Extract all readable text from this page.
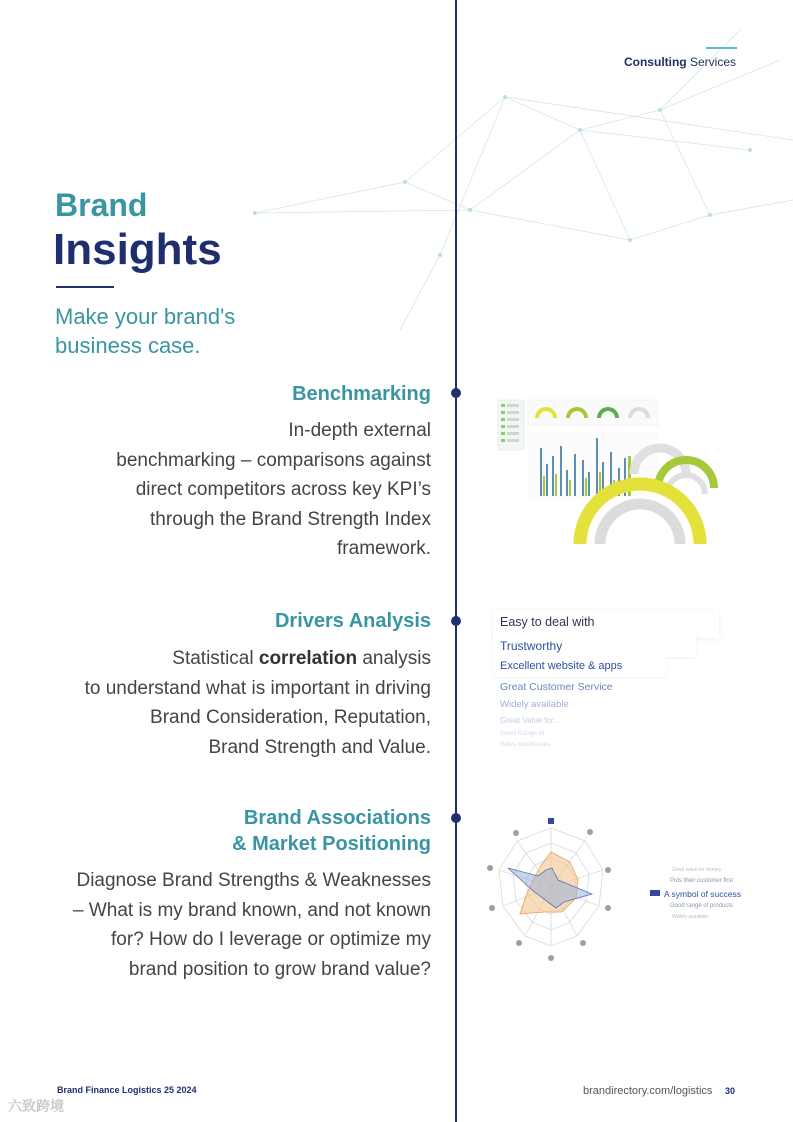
Consulting Services
Brand
Insights
Make your brand's
business case.
Benchmarking
In-depth external
benchmarking – comparisons against
direct competitors across key KPI’s
through the Brand Strength Index
framework.
Drivers Analysis
Statistical correlation analysis
to understand what is important in driving
Brand Consideration, Reputation,
Brand Strength and Value.
Brand Associations
& Market Positioning
Diagnose Brand Strengths & Weaknesses
– What is my brand known, and not known
for? How do I leverage or optimize my
brand position to grow brand value?
Easy to deal with
Trustworthy
Excellent website & apps
Great Customer Service
Widely available
Great Value for...
Good Range of
Sales businesses
Good value for money
Puts their customer first
A symbol of success
Good range of products
Widely available
Brand Finance Logistics 25 2024	brandirectory.com/logistics 30
六致跨境
